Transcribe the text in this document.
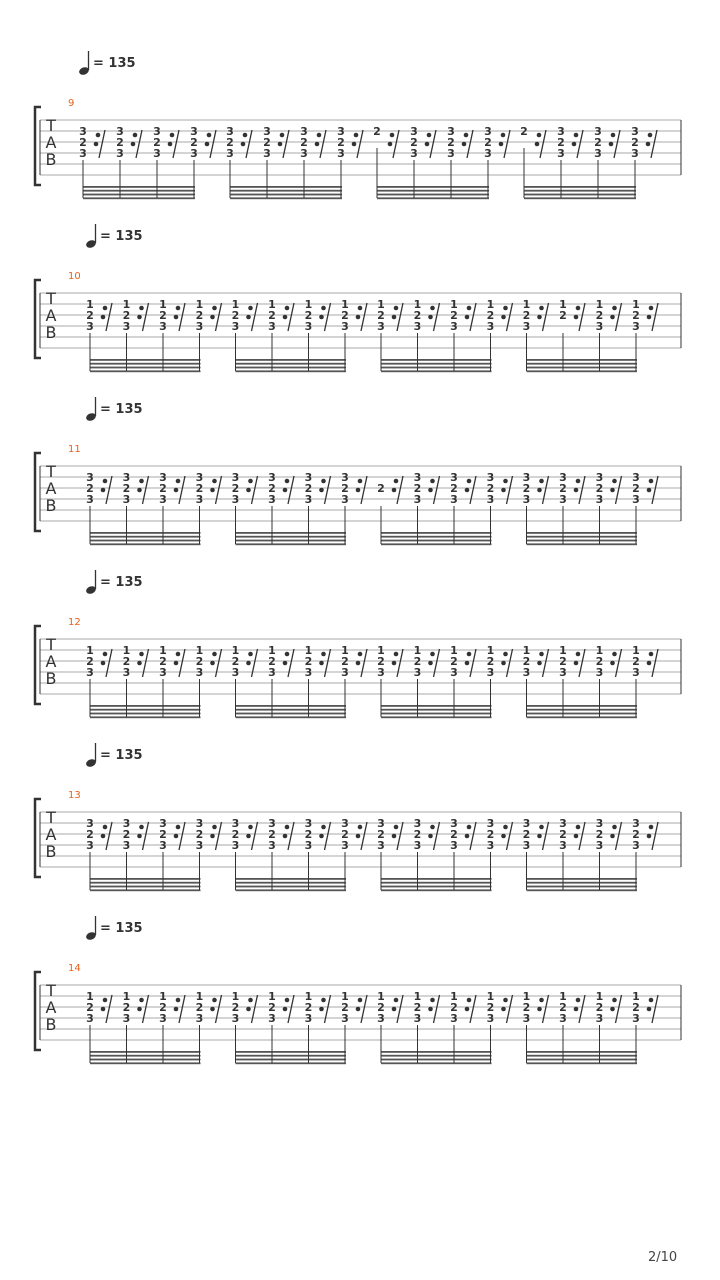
= 135
9
T
A
B
3
2
3
3
2
3
3
2
3
3
2
3
3
2
3
3
2
3
3
2
3
3
2
3
2	3
2
3
3
2
3
3
2
3
2	3
2
3
3
2
3
3
2
3
= 135
10
T
A
B
1
2
3
1
2
3
1
2
3
1
2
3
1
2
3
1
2
3
1
2
3
1
2
3
1
2
3
1
2
3
1
2
3
1
2
3
1
2
3
1
2
1
2
3
1
2
3
= 135
11
T
A
B
3
2
3
3
2
3
3
2
3
3
2
3
3
2
3
3
2
3
3
2
3
3
2
3
2
3
2
3
3
2
3
3
2
3
3
2
3
3
2
3
3
2
3
3
2
3
= 135
12
T
A
B
1
2
3
1
2
3
1
2
3
1
2
3
1
2
3
1
2
3
1
2
3
1
2
3
1
2
3
1
2
3
1
2
3
1
2
3
1
2
3
1
2
3
1
2
3
1
2
3
= 135
13
T
A
B
3
2
3
3
2
3
3
2
3
3
2
3
3
2
3
3
2
3
3
2
3
3
2
3
3
2
3
3
2
3
3
2
3
3
2
3
3
2
3
3
2
3
3
2
3
3
2
3
= 135
14
T
A
B
1
2
3
1
2
3
1
2
3
1
2
3
1
2
3
1
2
3
1
2
3
1
2
3
1
2
3
1
2
3
1
2
3
1
2
3
1
2
3
1
2
3
1
2
3
1
2
3
2/10
